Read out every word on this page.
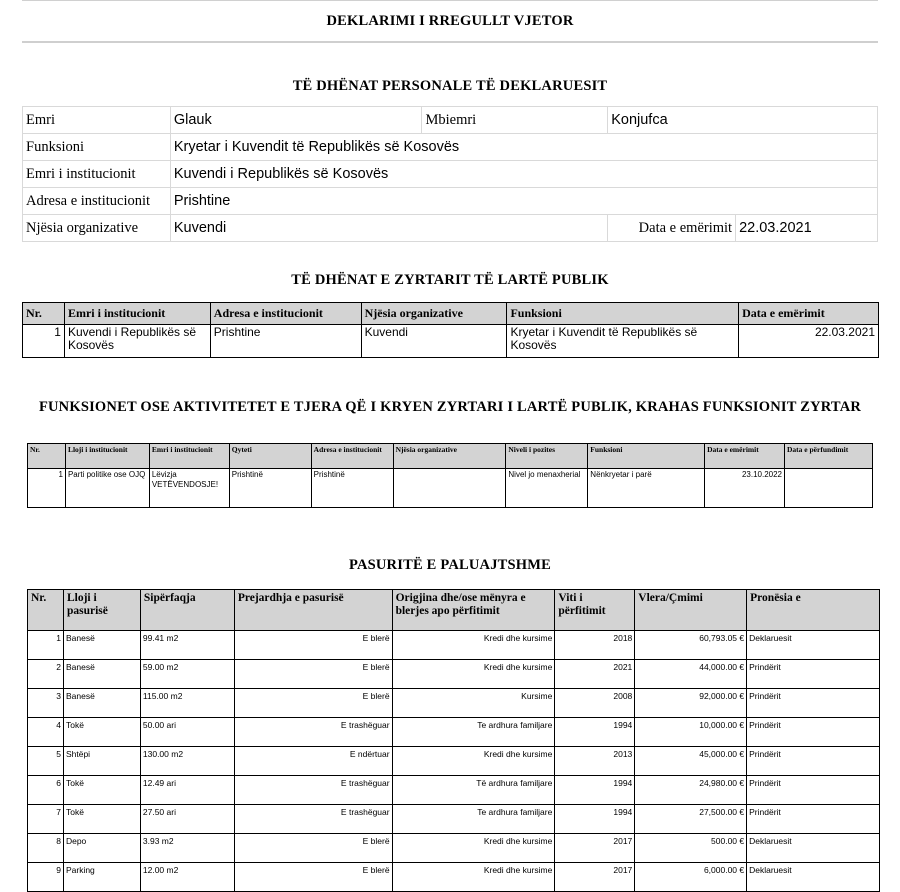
DEKLARIMI I RREGULLT VJETOR
TË DHËNAT PERSONALE TË DEKLARUESIT
Emri	Glauk	Mbiemri	Konjufca	
Funksioni	Kryetar i Kuvendit të Republikës së Kosovës			
Emri i institucionit	Kuvendi i Republikës së Kosovës			
Adresa e institucionit	Prishtine			
Njësia organizative	Kuvendi		Data e emërimit	22.03.2021
TË DHËNAT E ZYRTARIT TË LARTË PUBLIK
Nr.	Emri i institucionit	Adresa e institucionit	Njësia organizative	Funksioni	Data e emërimit
1	Kuvendi i Republikës së Kosovës	Prishtine	Kuvendi	Kryetar i Kuvendit të Republikës së Kosovës	22.03.2021
FUNKSIONET OSE AKTIVITETET E TJERA QË I KRYEN ZYRTARI I LARTË PUBLIK, KRAHAS FUNKSIONIT ZYRTAR
Nr.	Lloji i institucionit	Emri i institucionit	Qyteti	Adresa e institucionit	Njësia organizative	Niveli i pozites	Funksioni	Data e emërimit	Data e përfundimit
1	Parti politike ose OJQ	Lëvizja VETËVENDOSJE!	Prishtinë	Prishtinë		Nivel jo menaxherial	Nënkryetar i parë	23.10.2022	
PASURITË E PALUAJTSHME
Nr.	Lloji i pasurisë	Sipërfaqja	Prejardhja e pasurisë	Origjina dhe/ose mënyra e blerjes apo përfitimit	Viti i përfitimit	Vlera/Çmimi	Pronësia e
1	Banesë	99.41 m2	E blerë	Kredi dhe kursime	2018	60,793.05 €	Deklaruesit
2	Banesë	59.00 m2	E blerë	Kredi dhe kursime	2021	44,000.00 €	Prindërit
3	Banesë	115.00 m2	E blerë	Kursime	2008	92,000.00 €	Prindërit
4	Tokë	50.00 ari	E trashëguar	Te ardhura familjare	1994	10,000.00 €	Prindërit
5	Shtëpi	130.00 m2	E ndërtuar	Kredi dhe kursime	2013	45,000.00 €	Prindërit
6	Tokë	12.49 ari	E trashëguar	Të ardhura familjare	1994	24,980.00 €	Prindërit
7	Tokë	27.50 ari	E trashëguar	Te ardhura familjare	1994	27,500.00 €	Prindërit
8	Depo	3.93 m2	E blerë	Kredi dhe kursime	2017	500.00 €	Deklaruesit
9	Parking	12.00 m2	E blerë	Kredi dhe kursime	2017	6,000.00 €	Deklaruesit
